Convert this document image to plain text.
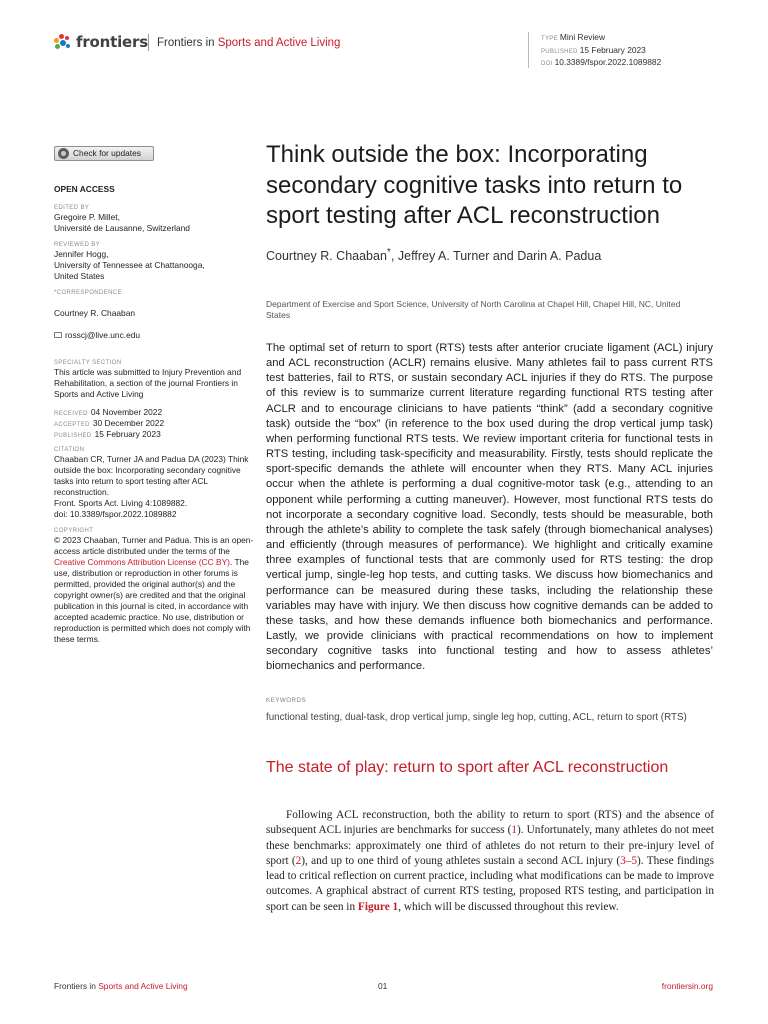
frontiers Frontiers in Sports and Active Living	TYPE Mini Review
PUBLISHED 15 February 2023
DOI 10.3389/fspor.2022.1089882
Check for updates
OPEN ACCESS
EDITED BY
Gregoire P. Millet,
Université de Lausanne, Switzerland
REVIEWED BY
Jennifer Hogg,
University of Tennessee at Chattanooga,
United States
*CORRESPONDENCE

Courtney R. Chaaban

rosscj@live.unc.edu

SPECIALTY SECTION
This article was submitted to Injury Prevention and Rehabilitation, a section of the journal Frontiers in Sports and Active Living
RECEIVED 04 November 2022
ACCEPTED 30 December 2022
PUBLISHED 15 February 2023
CITATION
Chaaban CR, Turner JA and Padua DA (2023) Think outside the box: Incorporating secondary cognitive tasks into return to sport testing after ACL reconstruction.
Front. Sports Act. Living 4:1089882.
doi: 10.3389/fspor.2022.1089882
COPYRIGHT
© 2023 Chaaban, Turner and Padua. This is an open-access article distributed under the terms of the Creative Commons Attribution License (CC BY). The use, distribution or reproduction in other forums is permitted, provided the original author(s) and the copyright owner(s) are credited and that the original publication in this journal is cited, in accordance with accepted academic practice. No use, distribution or reproduction is permitted which does not comply with these terms.
Think outside the box: Incorporating secondary cognitive tasks into return to sport testing after ACL reconstruction
Courtney R. Chaaban*, Jeffrey A. Turner and Darin A. Padua
Department of Exercise and Sport Science, University of North Carolina at Chapel Hill, Chapel Hill, NC, United
States
The optimal set of return to sport (RTS) tests after anterior cruciate ligament (ACL) injury and ACL reconstruction (ACLR) remains elusive. Many athletes fail to pass current RTS test batteries, fail to RTS, or sustain secondary ACL injuries if they do RTS. The purpose of this review is to summarize current literature regarding functional RTS testing after ACLR and to encourage clinicians to have patients “think” (add a secondary cognitive task) outside the “box” (in reference to the box used during the drop vertical jump task) when performing functional RTS tests. We review important criteria for functional tests in RTS testing, including task-specificity and measurability. Firstly, tests should replicate the sport-specific demands the athlete will encounter when they RTS. Many ACL injuries occur when the athlete is performing a dual cognitive-motor task (e.g., attending to an opponent while performing a cutting maneuver). However, most functional RTS tests do not incorporate a secondary cognitive load. Secondly, tests should be measurable, both through the athlete’s ability to complete the task safely (through biomechanical analyses) and efficiently (through measures of performance). We highlight and critically examine three examples of functional tests that are commonly used for RTS testing: the drop vertical jump, single-leg hop tests, and cutting tasks. We discuss how biomechanics and performance can be measured during these tasks, including the relationship these variables may have with injury. We then discuss how cognitive demands can be added to these tasks, and how these demands influence both biomechanics and performance. Lastly, we provide clinicians with practical recommendations on how to implement secondary cognitive tasks into functional testing and how to assess athletes’ biomechanics and performance.
KEYWORDS
functional testing, dual-task, drop vertical jump, single leg hop, cutting, ACL, return to sport (RTS)
The state of play: return to sport after ACL reconstruction

Following ACL reconstruction, both the ability to return to sport (RTS) and the absence of subsequent ACL injuries are benchmarks for success (1). Unfortunately, many athletes do not meet these benchmarks: approximately one third of athletes do not return to their pre-injury level of sport (2), and up to one third of young athletes sustain a second ACL injury (3–5). These findings lead to critical reflection on current practice, including what modifications can be made to improve outcomes. A graphical abstract of current RTS testing, proposed RTS testing, and participation in sport can be seen in Figure 1, which will be discussed throughout this review.

Frontiers in Sports and Active Living	01	frontiersin.org
